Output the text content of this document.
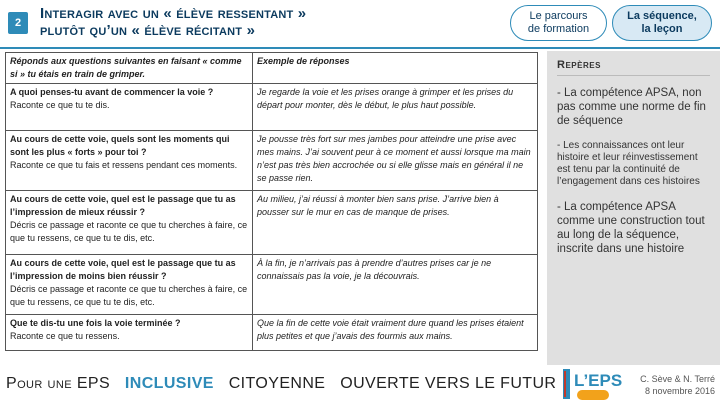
2
Interagir avec un « élève ressentant »
plutôt qu’un « élève récitant »
Le parcours
de formation
La séquence,
la leçon
Réponds aux questions suivantes en faisant « comme si » tu étais en train de grimper.	Exemple de réponses

A quoi penses-tu avant de commencer la voie ?
Raconte ce que tu te dis.	Je regarde la voie et les prises orange à grimper et les prises du départ pour monter, dès le début, le plus haut possible.

Au cours de cette voie, quels sont les moments qui sont les plus « forts » pour toi ?
Raconte ce que tu fais et ressens pendant ces moments.	Je pousse très fort sur mes jambes pour atteindre une prise avec mes mains. J’ai souvent peur à ce moment et aussi lorsque ma main n’est pas très bien accrochée ou si elle glisse mais en général il ne se passe rien.

Au cours de cette voie, quel est le passage que tu as l’impression de mieux réussir ?
Décris ce passage et raconte ce que tu cherches à faire, ce que tu ressens, ce que tu te dis, etc.	Au milieu, j’ai réussi à monter bien sans prise. J’arrive bien à pousser sur le mur en cas de manque de prises.

Au cours de cette voie, quel est le passage que tu as l’impression de moins bien réussir ?
Décris ce passage et raconte ce que tu cherches à faire, ce que tu ressens, ce que tu te dis, etc.	À la fin, je n’arrivais pas à prendre d’autres prises car je ne connaissais pas la voie, je la découvrais.

Que te dis-tu une fois la voie terminée ?
Raconte ce que tu ressens.	Que la fin de cette voie était vraiment dure quand les prises étaient plus petites et que j’avais des fourmis aux mains.
Repères
- La compétence APSA, non pas comme une norme de fin de séquence
- Les connaissances ont leur histoire et leur réinvestissement est tenu par la continuité de l’engagement dans ces histoires
- La compétence APSA comme une construction tout au long de la séquence, inscrite dans une histoire
Pour une EPS INCLUSIVE CITOYENNE OUVERTE VERS LE FUTUR L’EPS	C. Sève & N. Terré
8 novembre 2016
